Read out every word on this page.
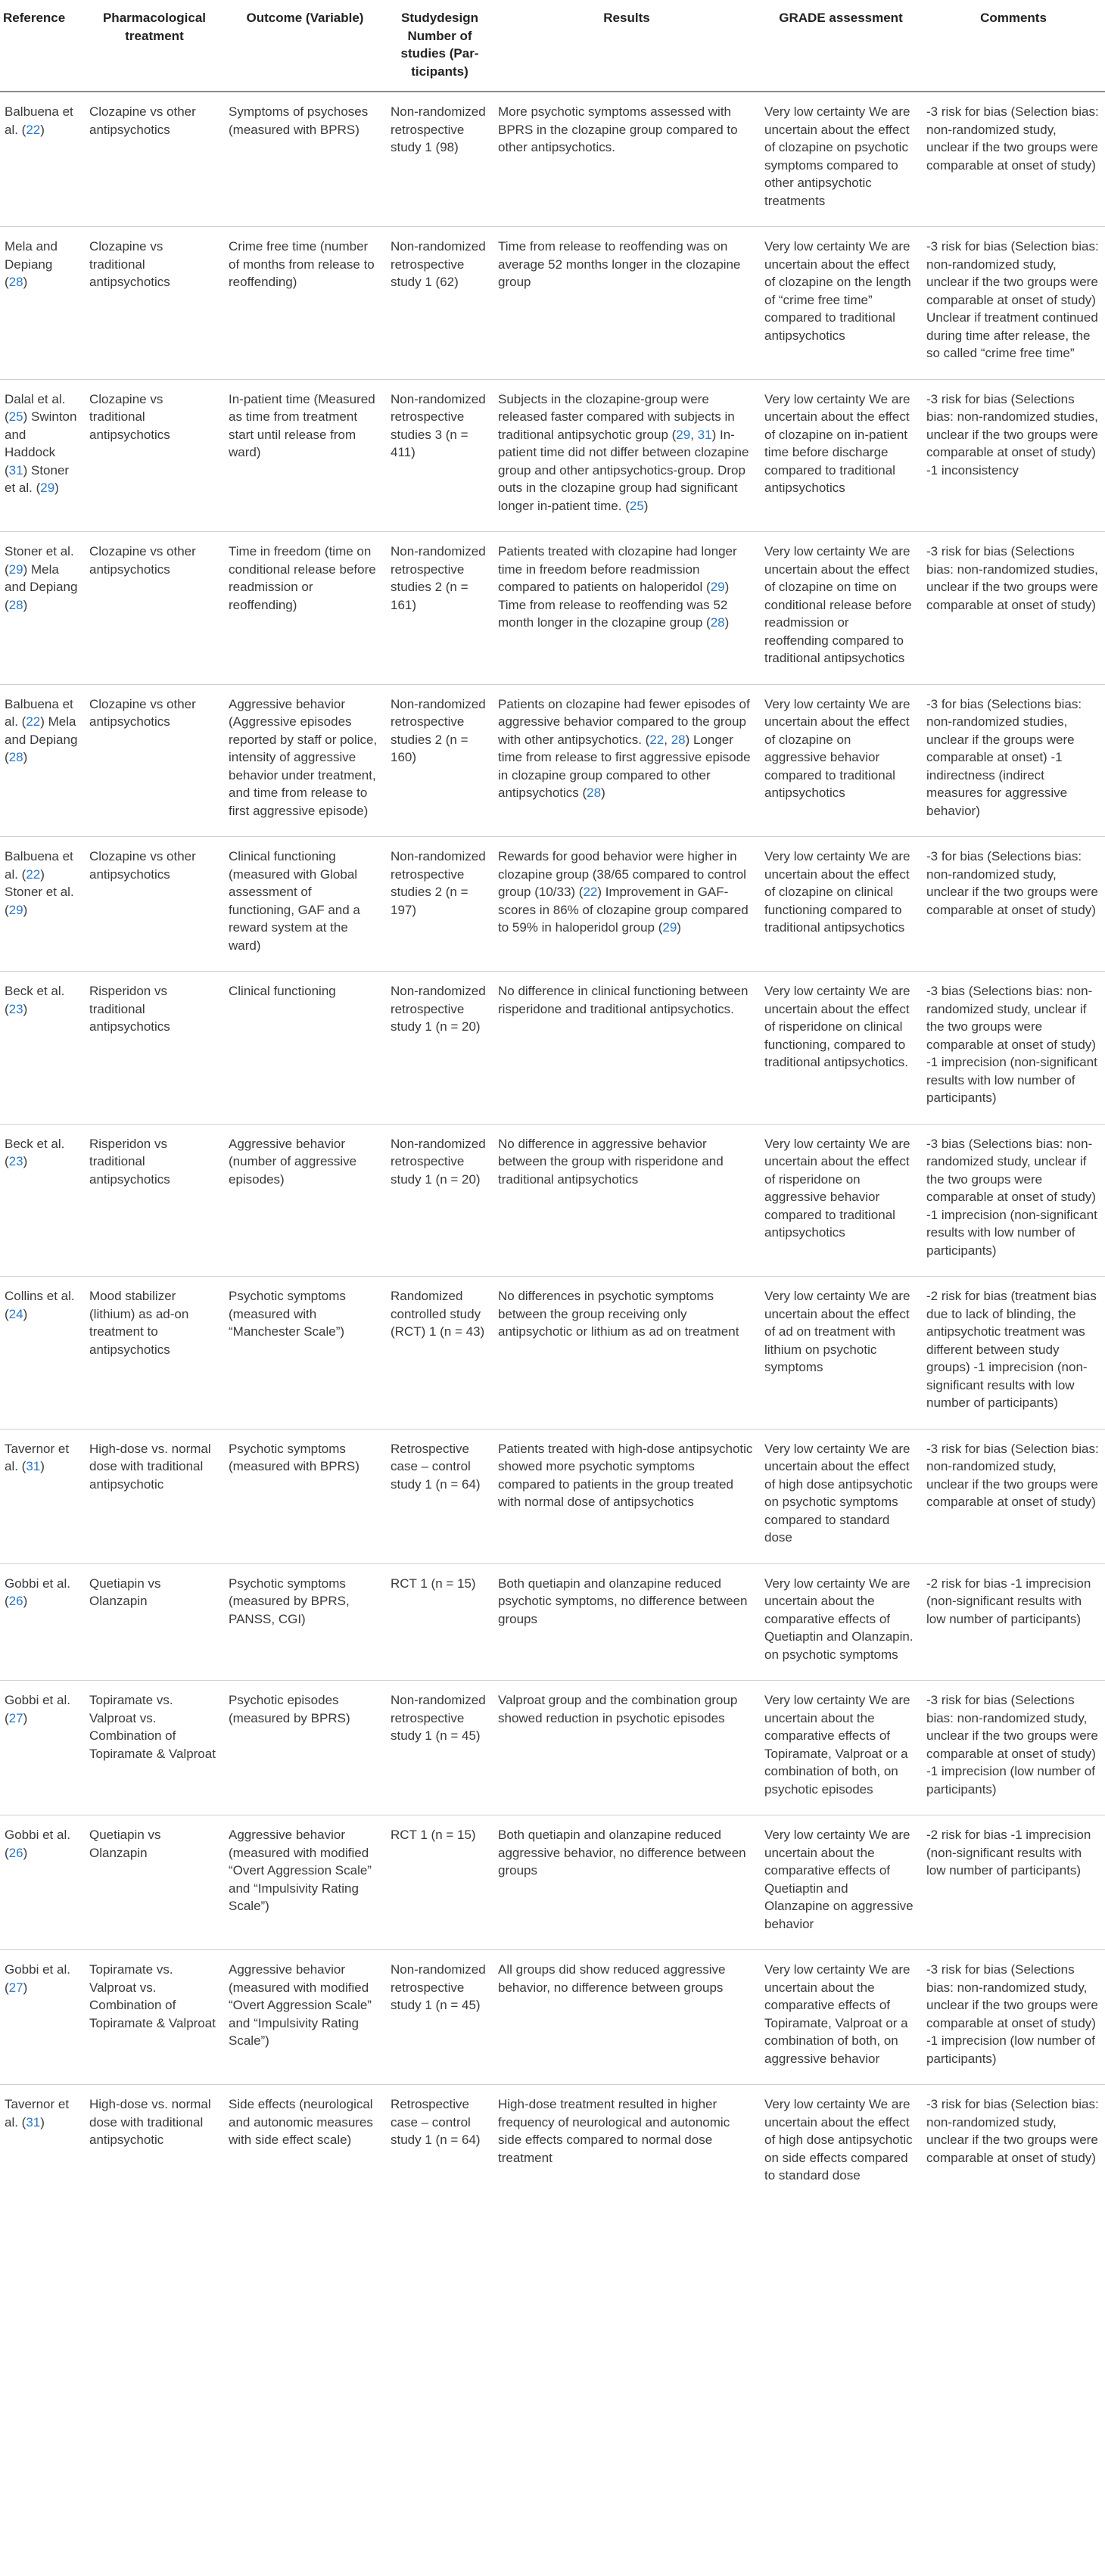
Reference	Pharmacological treatment	Outcome (Variable)	Studydesign Number of studies (Par- ticipants)	Results	GRADE assessment	Comments
Balbuena et al. (22)	Clozapine vs other antipsychotics	Symptoms of psychoses (measured with BPRS)	Non-randomized retrospective study 1 (98)	More psychotic symptoms assessed with BPRS in the clozapine group compared to other antipsychotics.	Very low certainty We are uncertain about the effect of clozapine on psychotic symptoms compared to other antipsychotic treatments	-3 risk for bias (Selection bias: non-randomized study, unclear if the two groups were comparable at onset of study)
Mela and Depiang (28)	Clozapine vs traditional antipsychotics	Crime free time (number of months from release to reoffending)	Non-randomized retrospective study 1 (62)	Time from release to reoffending was on average 52 months longer in the clozapine group	Very low certainty We are uncertain about the effect of clozapine on the length of “crime free time” compared to traditional antipsychotics	-3 risk for bias (Selection bias: non-randomized study, unclear if the two groups were comparable at onset of study) Unclear if treatment continued during time after release, the so called “crime free time”
Dalal et al. (25) Swinton and Haddock (31) Stoner et al. (29)	Clozapine vs traditional antipsychotics	In-patient time (Measured as time from treatment start until release from ward)	Non-randomized retrospective studies 3 (n = 411)	Subjects in the clozapine-group were released faster compared with subjects in traditional antipsychotic group (29, 31) In-patient time did not differ between clozapine group and other antipsychotics-group. Drop outs in the clozapine group had significant longer in-patient time. (25)	Very low certainty We are uncertain about the effect of clozapine on in-patient time before discharge compared to traditional antipsychotics	-3 risk for bias (Selections bias: non-randomized studies, unclear if the two groups were comparable at onset of study) -1 inconsistency
Stoner et al. (29) Mela and Depiang (28)	Clozapine vs other antipsychotics	Time in freedom (time on conditional release before readmission or reoffending)	Non-randomized retrospective studies 2 (n = 161)	Patients treated with clozapine had longer time in freedom before readmission compared to patients on haloperidol (29) Time from release to reoffending was 52 month longer in the clozapine group (28)	Very low certainty We are uncertain about the effect of clozapine on time on conditional release before readmission or reoffending compared to traditional antipsychotics	-3 risk for bias (Selections bias: non-randomized studies, unclear if the two groups were comparable at onset of study)
Balbuena et al. (22) Mela and Depiang (28)	Clozapine vs other antipsychotics	Aggressive behavior (Aggressive episodes reported by staff or police, intensity of aggressive behavior under treatment, and time from release to first aggressive episode)	Non-randomized retrospective studies 2 (n = 160)	Patients on clozapine had fewer episodes of aggressive behavior compared to the group with other antipsychotics. (22, 28) Longer time from release to first aggressive episode in clozapine group compared to other antipsychotics (28)	Very low certainty We are uncertain about the effect of clozapine on aggressive behavior compared to traditional antipsychotics	-3 for bias (Selections bias: non-randomized studies, unclear if the groups were comparable at onset) -1 indirectness (indirect measures for aggressive behavior)
Balbuena et al. (22) Stoner et al. (29)	Clozapine vs other antipsychotics	Clinical functioning (measured with Global assessment of functioning, GAF and a reward system at the ward)	Non-randomized retrospective studies 2 (n = 197)	Rewards for good behavior were higher in clozapine group (38/65 compared to control group (10/33) (22) Improvement in GAF-scores in 86% of clozapine group compared to 59% in haloperidol group (29)	Very low certainty We are uncertain about the effect of clozapine on clinical functioning compared to traditional antipsychotics	-3 for bias (Selections bias: non-randomized study, unclear if the two groups were comparable at onset of study)
Beck et al. (23)	Risperidon vs traditional antipsychotics	Clinical functioning	Non-randomized retrospective study 1 (n = 20)	No difference in clinical functioning between risperidone and traditional antipsychotics.	Very low certainty We are uncertain about the effect of risperidone on clinical functioning, compared to traditional antipsychotics.	-3 bias (Selections bias: non-randomized study, unclear if the two groups were comparable at onset of study) -1 imprecision (non-significant results with low number of participants)
Beck et al. (23)	Risperidon vs traditional antipsychotics	Aggressive behavior (number of aggressive episodes)	Non-randomized retrospective study 1 (n = 20)	No difference in aggressive behavior between the group with risperidone and traditional antipsychotics	Very low certainty We are uncertain about the effect of risperidone on aggressive behavior compared to traditional antipsychotics	-3 bias (Selections bias: non-randomized study, unclear if the two groups were comparable at onset of study) -1 imprecision (non-significant results with low number of participants)
Collins et al. (24)	Mood stabilizer (lithium) as ad-on treatment to antipsychotics	Psychotic symptoms (measured with “Manchester Scale”)	Randomized controlled study (RCT) 1 (n = 43)	No differences in psychotic symptoms between the group receiving only antipsychotic or lithium as ad on treatment	Very low certainty We are uncertain about the effect of ad on treatment with lithium on psychotic symptoms	-2 risk for bias (treatment bias due to lack of blinding, the antipsychotic treatment was different between study groups) -1 imprecision (non-significant results with low number of participants)
Tavernor et al. (31)	High-dose vs. normal dose with traditional antipsychotic	Psychotic symptoms (measured with BPRS)	Retrospective case – control study 1 (n = 64)	Patients treated with high-dose antipsychotic showed more psychotic symptoms compared to patients in the group treated with normal dose of antipsychotics	Very low certainty We are uncertain about the effect of high dose antipsychotic on psychotic symptoms compared to standard dose	-3 risk for bias (Selection bias: non-randomized study, unclear if the two groups were comparable at onset of study)
Gobbi et al. (26)	Quetiapin vs Olanzapin	Psychotic symptoms (measured by BPRS, PANSS, CGI)	RCT 1 (n = 15)	Both quetiapin and olanzapine reduced psychotic symptoms, no difference between groups	Very low certainty We are uncertain about the comparative effects of Quetiaptin and Olanzapin. on psychotic symptoms	-2 risk for bias -1 imprecision (non-significant results with low number of participants)
Gobbi et al. (27)	Topiramate vs. Valproat vs. Combination of Topiramate & Valproat	Psychotic episodes (measured by BPRS)	Non-randomized retrospective study 1 (n = 45)	Valproat group and the combination group showed reduction in psychotic episodes	Very low certainty We are uncertain about the comparative effects of Topiramate, Valproat or a combination of both, on psychotic episodes	-3 risk for bias (Selections bias: non-randomized study, unclear if the two groups were comparable at onset of study) -1 imprecision (low number of participants)
Gobbi et al. (26)	Quetiapin vs Olanzapin	Aggressive behavior (measured with modified “Overt Aggression Scale” and “Impulsivity Rating Scale”)	RCT 1 (n = 15)	Both quetiapin and olanzapine reduced aggressive behavior, no difference between groups	Very low certainty We are uncertain about the comparative effects of Quetiaptin and Olanzapine on aggressive behavior	-2 risk for bias -1 imprecision (non-significant results with low number of participants)
Gobbi et al. (27)	Topiramate vs. Valproat vs. Combination of Topiramate & Valproat	Aggressive behavior (measured with modified “Overt Aggression Scale” and “Impulsivity Rating Scale”)	Non-randomized retrospective study 1 (n = 45)	All groups did show reduced aggressive behavior, no difference between groups	Very low certainty We are uncertain about the comparative effects of Topiramate, Valproat or a combination of both, on aggressive behavior	-3 risk for bias (Selections bias: non-randomized study, unclear if the two groups were comparable at onset of study) -1 imprecision (low number of participants)
Tavernor et al. (31)	High-dose vs. normal dose with traditional antipsychotic	Side effects (neurological and autonomic measures with side effect scale)	Retrospective case – control study 1 (n = 64)	High-dose treatment resulted in higher frequency of neurological and autonomic side effects compared to normal dose treatment	Very low certainty We are uncertain about the effect of high dose antipsychotic on side effects compared to standard dose	-3 risk for bias (Selection bias: non-randomized study, unclear if the two groups were comparable at onset of study)
